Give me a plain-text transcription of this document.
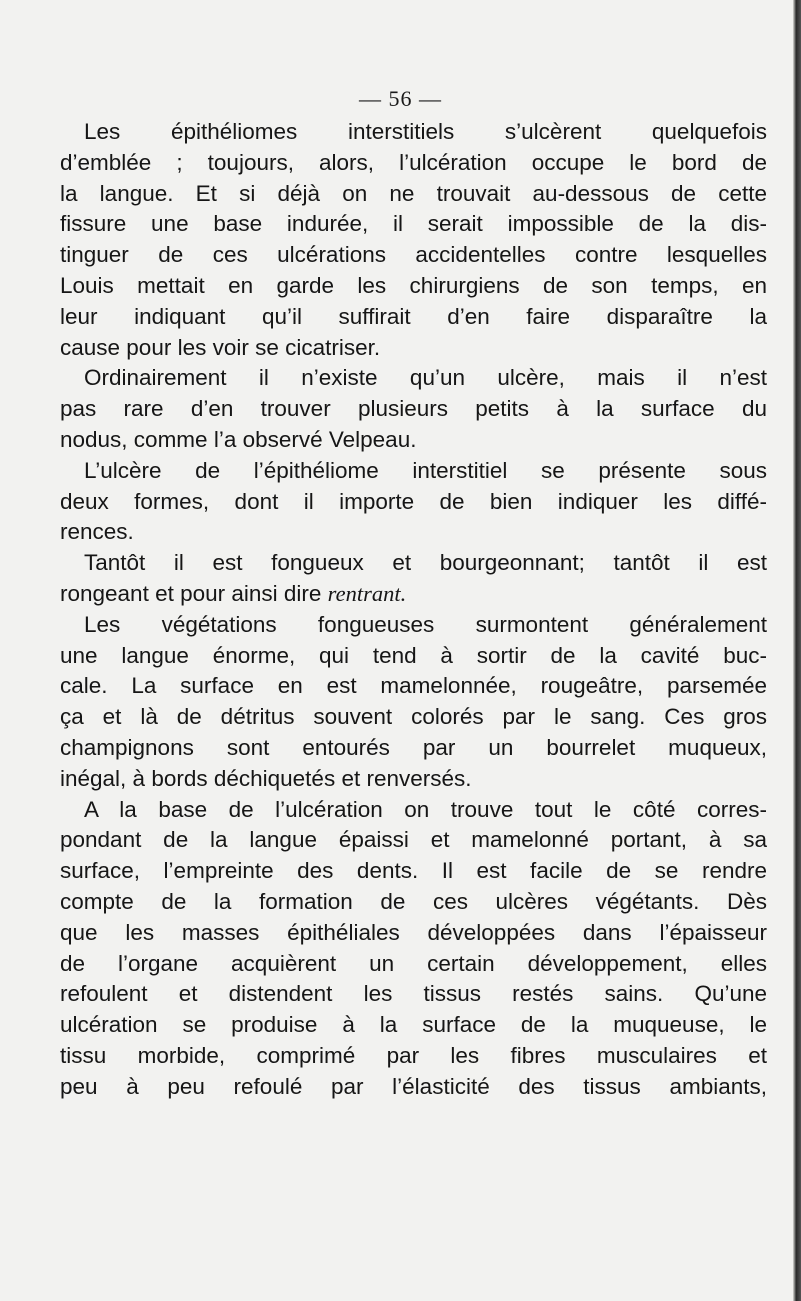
— 56 —
Les épithéliomes interstitiels s’ulcèrent quelquefois
d’emblée ; toujours, alors, l’ulcération occupe le bord de
la langue. Et si déjà on ne trouvait au-dessous de cette
fissure une base indurée, il serait impossible de la dis-
tinguer de ces ulcérations accidentelles contre lesquelles
Louis mettait en garde les chirurgiens de son temps, en
leur indiquant qu’il suffirait d’en faire disparaître la
cause pour les voir se cicatriser.
Ordinairement il n’existe qu’un ulcère, mais il n’est
pas rare d’en trouver plusieurs petits à la surface du
nodus, comme l’a observé Velpeau.
L’ulcère de l’épithéliome interstitiel se présente sous
deux formes, dont il importe de bien indiquer les diffé-
rences.
Tantôt il est fongueux et bourgeonnant; tantôt il est
rongeant et pour ainsi dire rentrant.
Les végétations fongueuses surmontent généralement
une langue énorme, qui tend à sortir de la cavité buc-
cale. La surface en est mamelonnée, rougeâtre, parsemée
ça et là de détritus souvent colorés par le sang. Ces gros
champignons sont entourés par un bourrelet muqueux,
inégal, à bords déchiquetés et renversés.
A la base de l’ulcération on trouve tout le côté corres-
pondant de la langue épaissi et mamelonné portant, à sa
surface, l’empreinte des dents. Il est facile de se rendre
compte de la formation de ces ulcères végétants. Dès
que les masses épithéliales développées dans l’épaisseur
de l’organe acquièrent un certain développement, elles
refoulent et distendent les tissus restés sains. Qu’une
ulcération se produise à la surface de la muqueuse, le
tissu morbide, comprimé par les fibres musculaires et
peu à peu refoulé par l’élasticité des tissus ambiants,
